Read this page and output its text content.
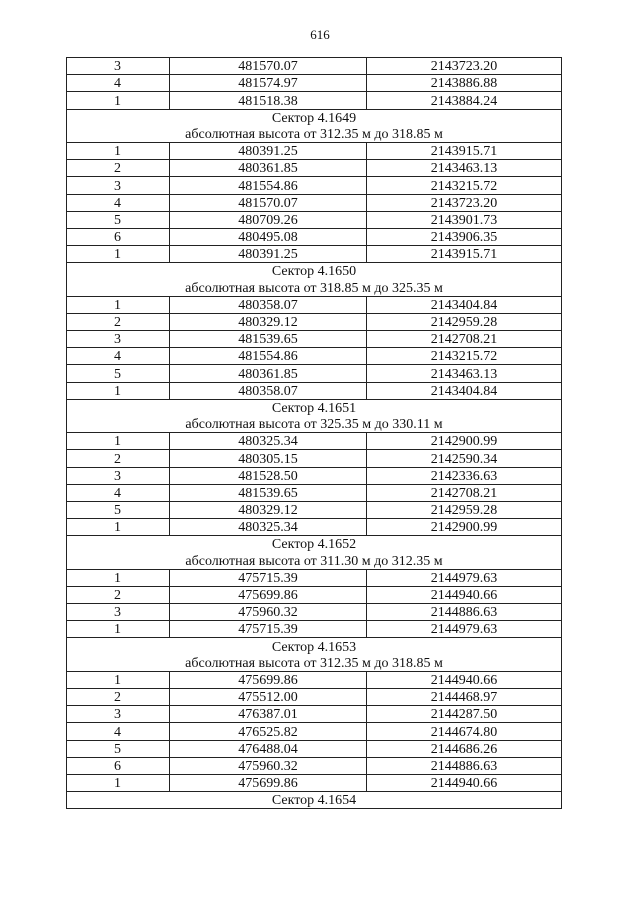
616
3	481570.07	2143723.20
4	481574.97	2143886.88
1	481518.38	2143884.24
Сектор 4.1649		
абсолютная высота от 312.35 м до 318.85 м		
1	480391.25	2143915.71
2	480361.85	2143463.13
3	481554.86	2143215.72
4	481570.07	2143723.20
5	480709.26	2143901.73
6	480495.08	2143906.35
1	480391.25	2143915.71
Сектор 4.1650		
абсолютная высота от 318.85 м до 325.35 м		
1	480358.07	2143404.84
2	480329.12	2142959.28
3	481539.65	2142708.21
4	481554.86	2143215.72
5	480361.85	2143463.13
1	480358.07	2143404.84
Сектор 4.1651		
абсолютная высота от 325.35 м до 330.11 м		
1	480325.34	2142900.99
2	480305.15	2142590.34
3	481528.50	2142336.63
4	481539.65	2142708.21
5	480329.12	2142959.28
1	480325.34	2142900.99
Сектор 4.1652		
абсолютная высота от 311.30 м до 312.35 м		
1	475715.39	2144979.63
2	475699.86	2144940.66
3	475960.32	2144886.63
1	475715.39	2144979.63
Сектор 4.1653		
абсолютная высота от 312.35 м до 318.85 м		
1	475699.86	2144940.66
2	475512.00	2144468.97
3	476387.01	2144287.50
4	476525.82	2144674.80
5	476488.04	2144686.26
6	475960.32	2144886.63
1	475699.86	2144940.66
Сектор 4.1654		
